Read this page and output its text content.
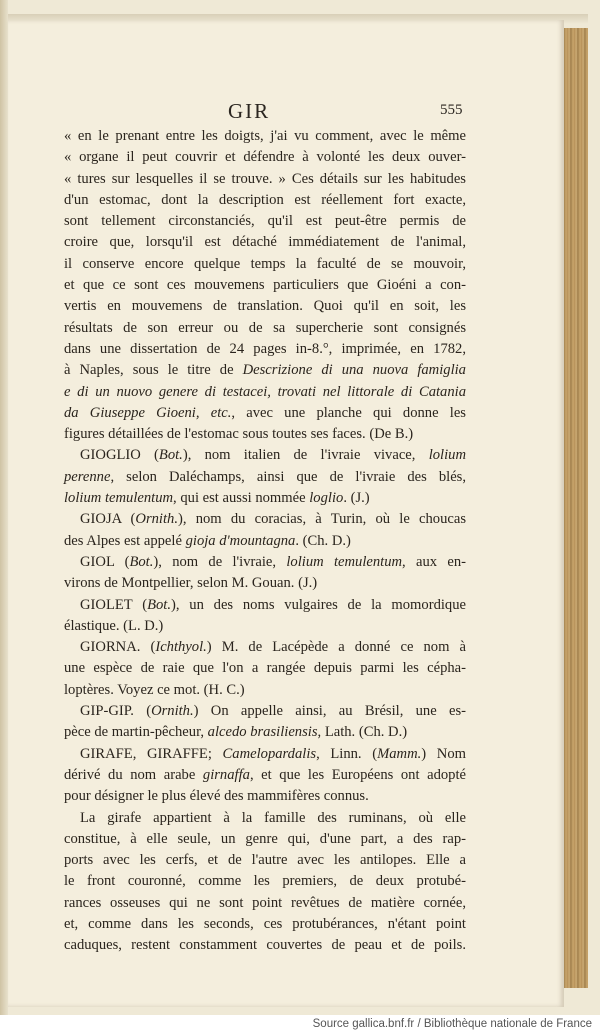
GIR	555
« en le prenant entre les doigts, j'ai vu comment, avec le même
« organe il peut couvrir et défendre à volonté les deux ouver-
« tures sur lesquelles il se trouve. » Ces détails sur les habitudes
d'un estomac, dont la description est réellement fort exacte,
sont tellement circonstanciés, qu'il est peut-être permis de
croire que, lorsqu'il est détaché immédiatement de l'animal,
il conserve encore quelque temps la faculté de se mouvoir,
et que ce sont ces mouvemens particuliers que Gioéni a con-
vertis en mouvemens de translation. Quoi qu'il en soit, les
résultats de son erreur ou de sa supercherie sont consignés
dans une dissertation de 24 pages in-8.°, imprimée, en 1782,
à Naples, sous le titre de Descrizione di una nuova famiglia
e di un nuovo genere di testacei, trovati nel littorale di Catania
da Giuseppe Gioeni, etc., avec une planche qui donne les
figures détaillées de l'estomac sous toutes ses faces. (De B.)
GIOGLIO (Bot.), nom italien de l'ivraie vivace, lolium
perenne, selon Daléchamps, ainsi que de l'ivraie des blés,
lolium temulentum, qui est aussi nommée loglio. (J.)
GIOJA (Ornith.), nom du coracias, à Turin, où le choucas
des Alpes est appelé gioja d'mountagna. (Ch. D.)
GIOL (Bot.), nom de l'ivraie, lolium temulentum, aux en-
virons de Montpellier, selon M. Gouan. (J.)
GIOLET (Bot.), un des noms vulgaires de la momordique
élastique. (L. D.)
GIORNA. (Ichthyol.) M. de Lacépède a donné ce nom à
une espèce de raie que l'on a rangée depuis parmi les cépha-
loptères. Voyez ce mot. (H. C.)
GIP-GIP. (Ornith.) On appelle ainsi, au Brésil, une es-
pèce de martin-pêcheur, alcedo brasiliensis, Lath. (Ch. D.)
GIRAFE, GIRAFFE; Camelopardalis, Linn. (Mamm.) Nom
dérivé du nom arabe girnaffa, et que les Européens ont adopté
pour désigner le plus élevé des mammifères connus.
La girafe appartient à la famille des ruminans, où elle
constitue, à elle seule, un genre qui, d'une part, a des rap-
ports avec les cerfs, et de l'autre avec les antilopes. Elle a
le front couronné, comme les premiers, de deux protubé-
rances osseuses qui ne sont point revêtues de matière cornée,
et, comme dans les seconds, ces protubérances, n'étant point
caduques, restent constamment couvertes de peau et de poils.
Source gallica.bnf.fr / Bibliothèque nationale de France
